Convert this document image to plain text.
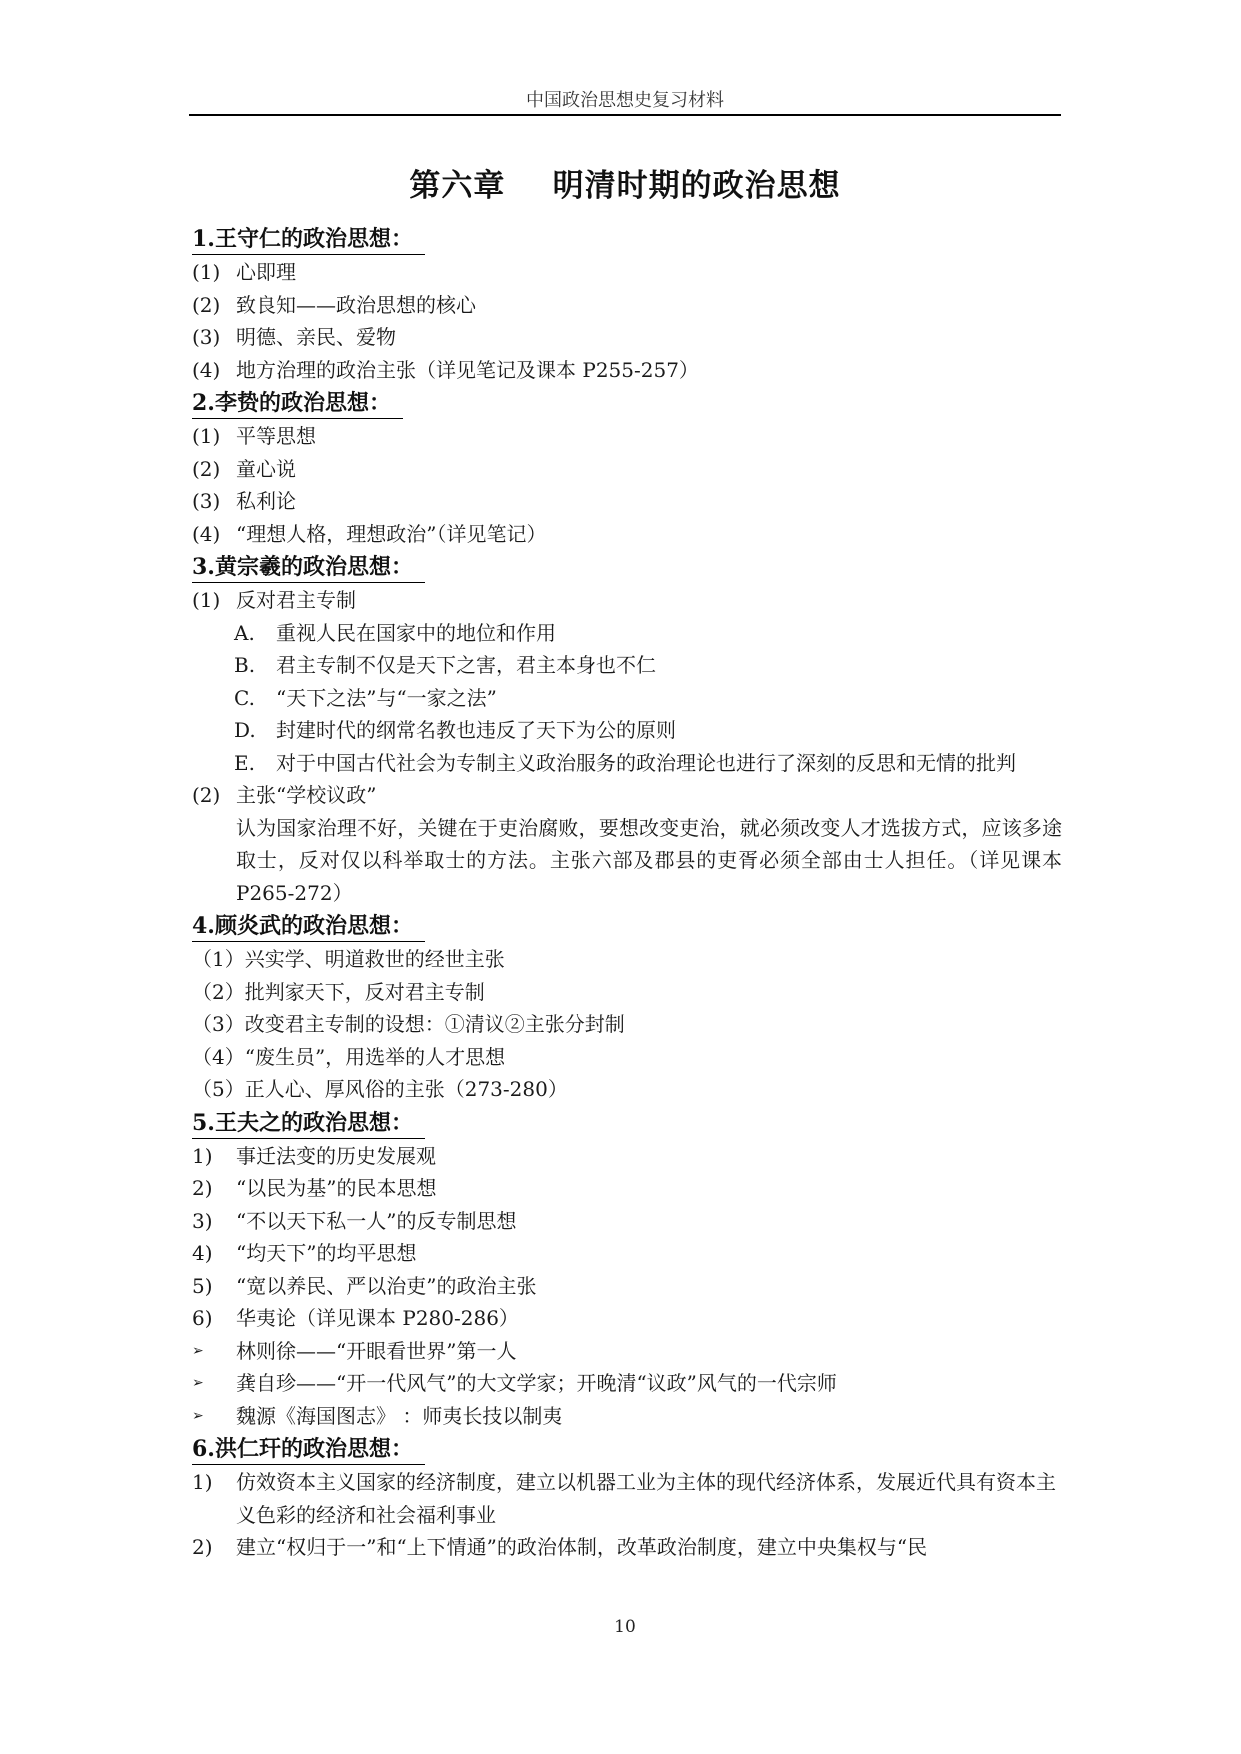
中国政治思想史复习材料
第六章    明清时期的政治思想
1.王守仁的政治思想：
(1) 心即理
(2) 致良知——政治思想的核心
(3) 明德、亲民、爱物
(4) 地方治理的政治主张（详见笔记及课本 P255-257）
2.李贽的政治思想：
(1) 平等思想
(2) 童心说
(3) 私利论
(4) “理想人格，理想政治”（详见笔记）
3.黄宗羲的政治思想：
(1) 反对君主专制
A.	重视人民在国家中的地位和作用
B.	君主专制不仅是天下之害，君主本身也不仁
C.	“天下之法”与“一家之法”
D.	封建时代的纲常名教也违反了天下为公的原则
E.	对于中国古代社会为专制主义政治服务的政治理论也进行了深刻的反思和无情的批判
(2) 主张“学校议政”
认为国家治理不好，关键在于吏治腐败，要想改变吏治，就必须改变人才选拔方式，应该多途取士，反对仅以科举取士的方法。主张六部及郡县的吏胥必须全部由士人担任。（详见课本 P265-272）
4.顾炎武的政治思想：
（1） 兴实学、明道救世的经世主张
（2） 批判家天下，反对君主专制
（3） 改变君主专制的设想：①清议②主张分封制
（4） “废生员”，用选举的人才思想
（5） 正人心、厚风俗的主张（273-280）
5.王夫之的政治思想：
1)	事迁法变的历史发展观
2)	“以民为基”的民本思想
3)	“不以天下私一人”的反专制思想
4)	“均天下”的均平思想
5)	“宽以养民、严以治吏”的政治主张
6)	华夷论（详见课本 P280-286）
➢	林则徐——“开眼看世界”第一人
➢	龚自珍——“开一代风气”的大文学家；开晚清“议政”风气的一代宗师
➢	魏源《海国图志》 ：师夷长技以制夷
6.洪仁玕的政治思想：
1)	仿效资本主义国家的经济制度，建立以机器工业为主体的现代经济体系，发展近代具有资本主义色彩的经济和社会福利事业
2)	建立“权归于一”和“上下情通”的政治体制，改革政治制度，建立中央集权与“民
10
